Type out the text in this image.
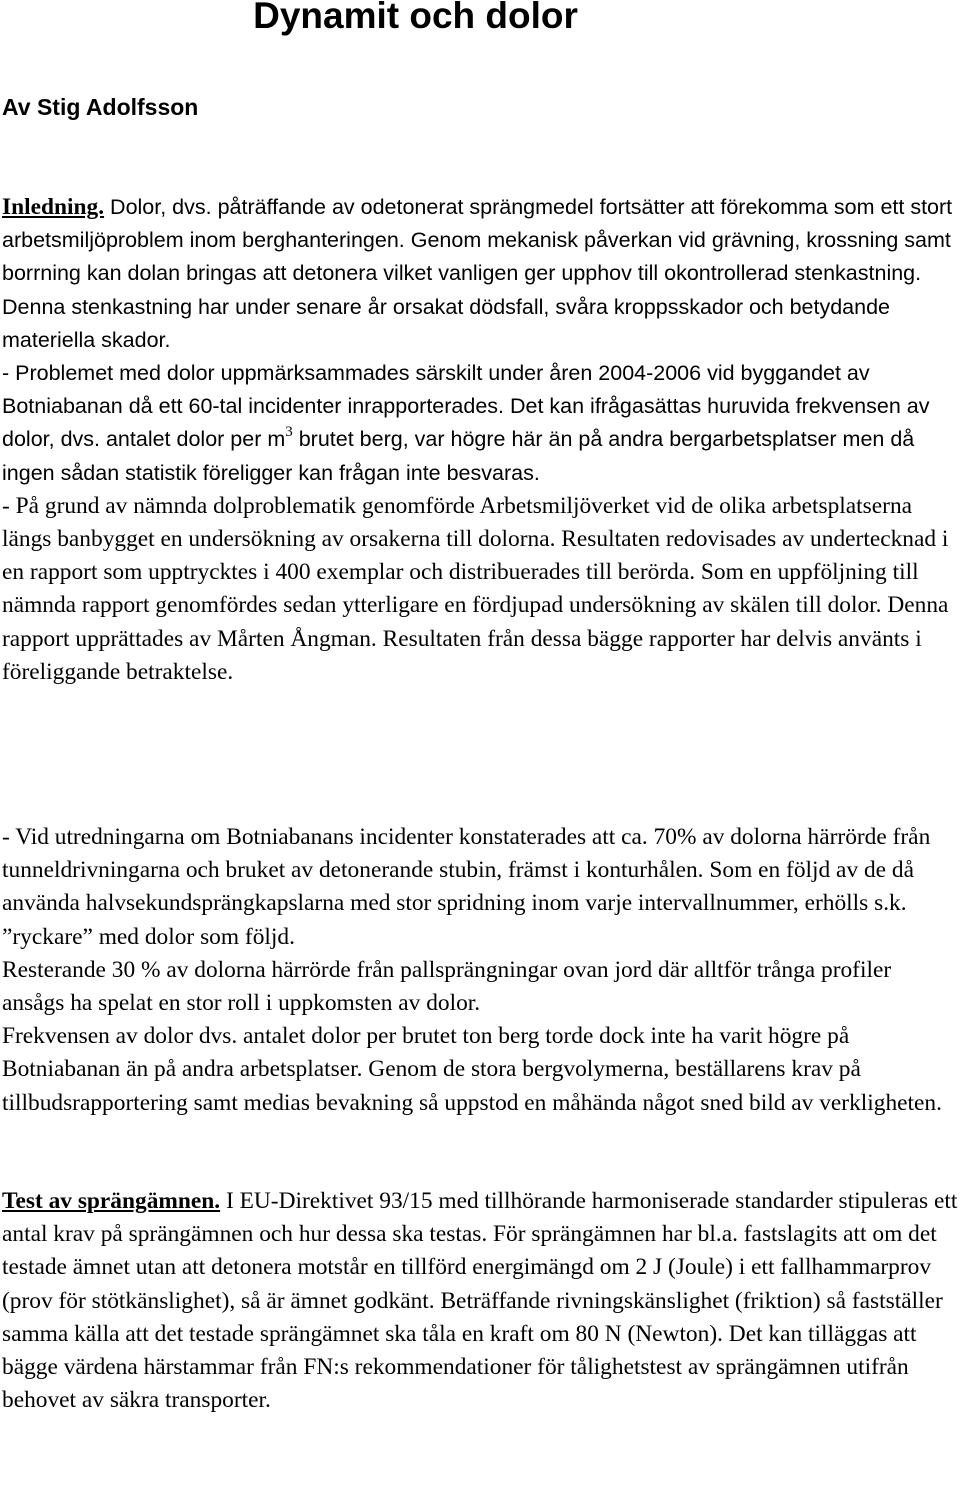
Dynamit och dolor
Av Stig Adolfsson

Inledning. Dolor, dvs. påträffande av odetonerat sprängmedel fortsätter att förekomma som ett stort arbetsmiljöproblem inom berghanteringen. Genom mekanisk påverkan vid grävning, krossning samt borrning kan dolan bringas att detonera vilket vanligen ger upphov till okontrollerad stenkastning. Denna stenkastning har under senare år orsakat dödsfall, svåra kroppsskador och betydande materiella skador.

- Problemet med dolor uppmärksammades särskilt under åren 2004-2006 vid byggandet av Botniabanan då ett 60-tal incidenter inrapporterades. Det kan ifrågasättas huruvida frekvensen av dolor, dvs. antalet dolor per $m^3$ brutet berg, var högre här än på andra bergarbetsplatser men då ingen sådan statistik föreligger kan frågan inte besvaras.

- På grund av nämnda dolproblematik genomförde Arbetsmiljöverket vid de olika arbetsplatserna längs banbygget en undersökning av orsakerna till dolorna. Resultaten redovisades av undertecknad i en rapport som upptrycktes i 400 exemplar och distribuerades till berörda. Som en uppföljning till nämnda rapport genomfördes sedan ytterligare en fördjupad undersökning av skälen till dolor. Denna rapport upprättades av Mårten Ångman. Resultaten från dessa bägge rapporter har delvis använts i föreliggande betraktelse.

- Vid utredningarna om Botniabanans incidenter konstaterades att ca. 70% av dolorna härrörde från tunneldrivningarna och bruket av detonerande stubin, främst i konturhålen. Som en följd av de då använda halvsekundsprängkapslarna med stor spridning inom varje intervallnummer, erhölls s.k. ”ryckare” med dolor som följd.

Resterande 30 % av dolorna härrörde från pallsprängningar ovan jord där alltför trånga profiler ansågs ha spelat en stor roll i uppkomsten av dolor.

Frekvensen av dolor dvs. antalet dolor per brutet ton berg torde dock inte ha varit högre på Botniabanan än på andra arbetsplatser. Genom de stora bergvolymerna, beställarens krav på tillbudsrapportering samt medias bevakning så uppstod en måhända något sned bild av verkligheten.

Test av sprängämnen. I EU-Direktivet 93/15 med tillhörande harmoniserade standarder stipuleras ett antal krav på sprängämnen och hur dessa ska testas. För sprängämnen har bl.a. fastslagits att om det testade ämnet utan att detonera motstår en tillförd energimängd om 2 J (Joule) i ett fallhammarprov (prov för stötkänslighet), så är ämnet godkänt. Beträffande rivningskänslighet (friktion) så fastställer samma källa att det testade sprängämnet ska tåla en kraft om 80 N (Newton). Det kan tilläggas att bägge värdena härstammar från FN:s rekommendationer för tålighetstest av sprängämnen utifrån behovet av säkra transporter.
